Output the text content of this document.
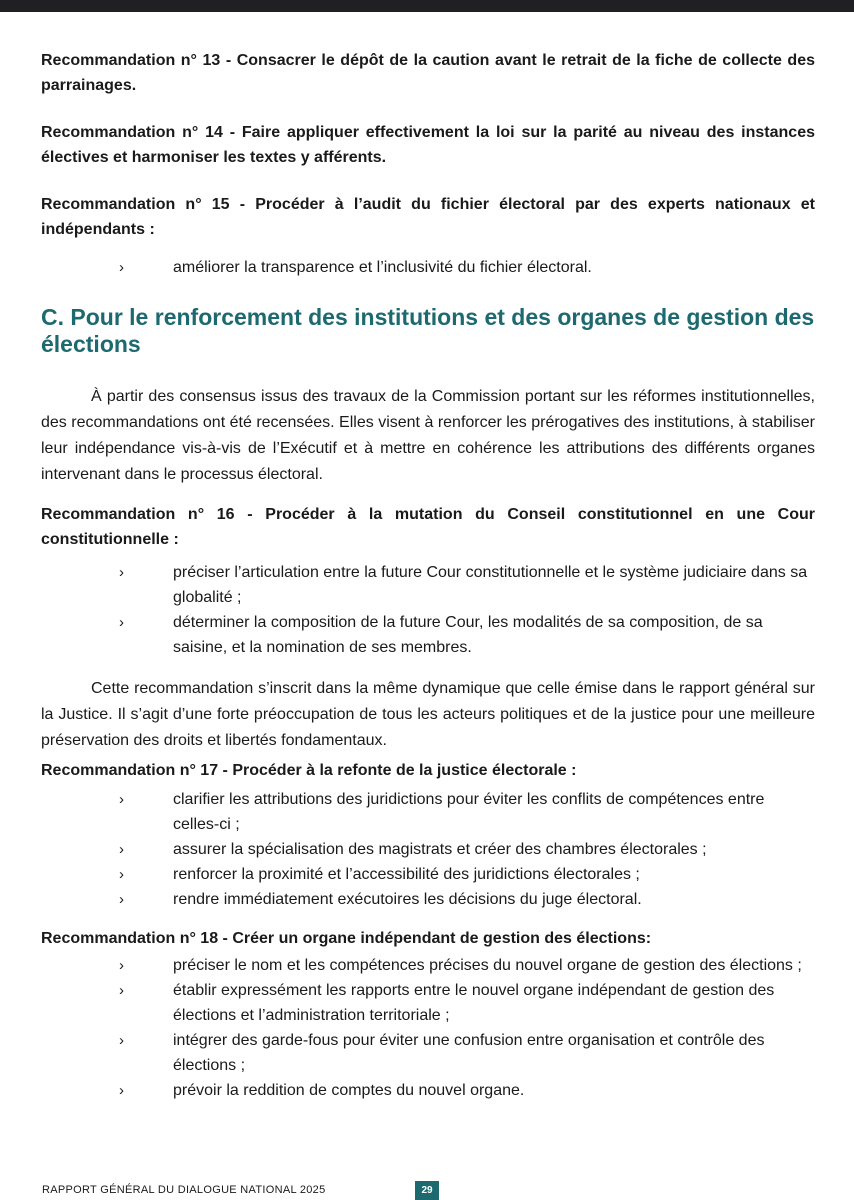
Recommandation n° 13 - Consacrer le dépôt de la caution avant le retrait de la fiche de collecte des parrainages.

Recommandation n° 14 - Faire appliquer effectivement la loi sur la parité au niveau des instances électives et harmoniser les textes y afférents.

Recommandation n° 15 - Procéder à l’audit du fichier électoral par des experts nationaux et indépendants :

›	améliorer la transparence et l’inclusivité du fichier électoral.
C. Pour le renforcement des institutions et des organes de gestion des élections

À partir des consensus issus des travaux de la Commission portant sur les réformes institutionnelles, des recommandations ont été recensées. Elles visent à renforcer les prérogatives des institutions, à stabiliser leur indépendance vis-à-vis de l’Exécutif et à mettre en cohérence les attributions des différents organes intervenant dans le processus électoral.

Recommandation n° 16 - Procéder à la mutation du Conseil constitutionnel en une Cour constitutionnelle :

›	préciser l’articulation entre la future Cour constitutionnelle et le système judiciaire dans sa globalité ;
›	déterminer la composition de la future Cour, les modalités de sa composition, de sa saisine, et la nomination de ses membres.

Cette recommandation s’inscrit dans la même dynamique que celle émise dans le rapport général sur la Justice. Il s’agit d’une forte préoccupation de tous les acteurs politiques et de la justice pour une meilleure préservation des droits et libertés fondamentaux.

Recommandation n° 17 - Procéder à la refonte de la justice électorale :

›	clarifier les attributions des juridictions pour éviter les conflits de compétences entre celles-ci ;
›	assurer la spécialisation des magistrats et créer des chambres électorales ;
›	renforcer la proximité et l’accessibilité des juridictions électorales ;
›	rendre immédiatement exécutoires les décisions du juge électoral.

Recommandation n° 18 - Créer un organe indépendant de gestion des élections:

›	préciser le nom et les compétences précises du nouvel organe de gestion des élections ;
›	établir expressément les rapports entre le nouvel organe indépendant de gestion des élections et l’administration territoriale ;
›	intégrer des garde-fous pour éviter une confusion entre organisation et contrôle des élections ;
›	prévoir la reddition de comptes du nouvel organe.
RAPPORT GÉNÉRAL DU DIALOGUE NATIONAL 2025	29
